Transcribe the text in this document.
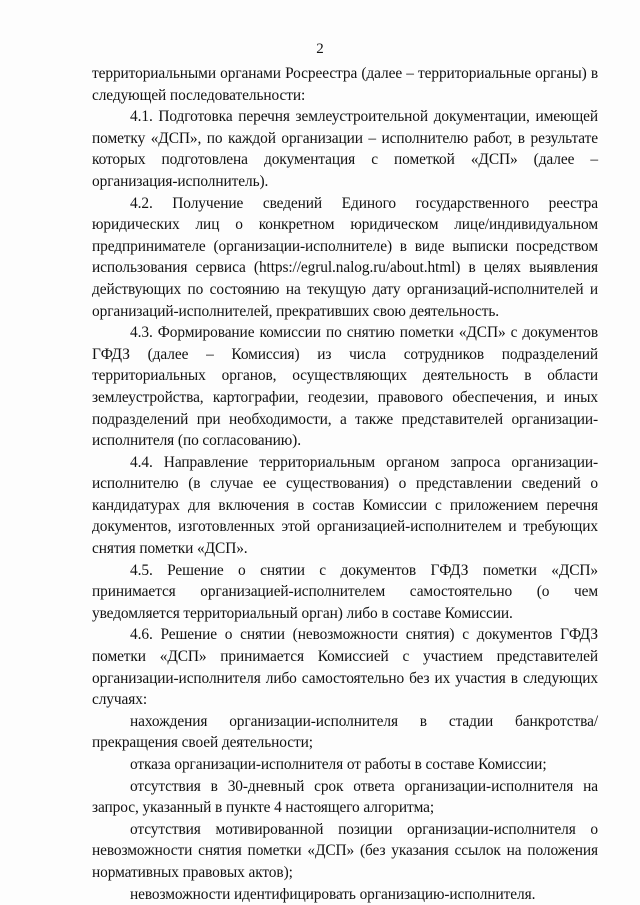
2

территориальными органами Росреестра (далее – территориальные органы) в следующей последовательности:

4.1. Подготовка перечня землеустроительной документации, имеющей пометку «ДСП», по каждой организации – исполнителю работ, в результате которых подготовлена документация с пометкой «ДСП» (далее – организация-исполнитель).

4.2. Получение сведений Единого государственного реестра юридических лиц о конкретном юридическом лице/индивидуальном предпринимателе (организации-исполнителе) в виде выписки посредством использования сервиса (https://egrul.nalog.ru/about.html) в целях выявления действующих по состоянию на текущую дату организаций-исполнителей и организаций-исполнителей, прекративших свою деятельность.

4.3. Формирование комиссии по снятию пометки «ДСП» с документов ГФДЗ (далее – Комиссия) из числа сотрудников подразделений территориальных органов, осуществляющих деятельность в области землеустройства, картографии, геодезии, правового обеспечения, и иных подразделений при необходимости, а также представителей организации-исполнителя (по согласованию).

4.4. Направление территориальным органом запроса организации-исполнителю (в случае ее существования) о представлении сведений о кандидатурах для включения в состав Комиссии с приложением перечня документов, изготовленных этой организацией-исполнителем и требующих снятия пометки «ДСП».

4.5. Решение о снятии с документов ГФДЗ пометки «ДСП» принимается организацией-исполнителем самостоятельно (о чем уведомляется территориальный орган) либо в составе Комиссии.

4.6. Решение о снятии (невозможности снятия) с документов ГФДЗ пометки «ДСП» принимается Комиссией с участием представителей организации-исполнителя либо самостоятельно без их участия в следующих случаях:

нахождения организации-исполнителя в стадии банкротства/прекращения своей деятельности;

отказа организации-исполнителя от работы в составе Комиссии;

отсутствия в 30-дневный срок ответа организации-исполнителя на запрос, указанный в пункте 4 настоящего алгоритма;

отсутствия мотивированной позиции организации-исполнителя о невозможности снятия пометки «ДСП» (без указания ссылок на положения нормативных правовых актов);

невозможности идентифицировать организацию-исполнителя.
